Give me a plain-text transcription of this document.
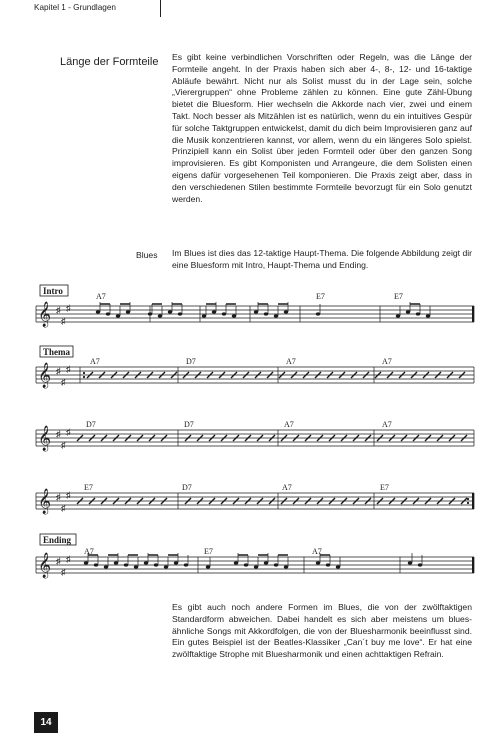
Kapitel 1 - Grundlagen
Länge der Formteile Es gibt keine verbindlichen Vorschriften oder Regeln, was die Länge der Formteile angeht. In der Praxis haben sich aber 4-, 8-, 12- und 16-taktige Abläufe bewährt. Nicht nur als Solist musst du in der Lage sein, solche „Vierergruppen“ ohne Probleme zählen zu können. Eine gute Zähl-Übung bietet die Bluesform. Hier wechseln die Akkorde nach vier, zwei und einem Takt. Noch besser als Mitzählen ist es natürlich, wenn du ein intuitives Gespür für solche Taktgruppen entwickelst, damit du dich beim Improvisieren ganz auf die Musik konzentrieren kannst, vor allem, wenn du ein längeres Solo spielst. Prinzipiell kann ein Solist über jeden Formteil oder über den ganzen Song improvisieren. Es gibt Komponisten und Arrangeure, die dem Solisten einen eigens dafür vorgesehenen Teil komponieren. Die Praxis zeigt aber, dass in den verschiedenen Stilen bestimmte Formteile bevorzugt für ein Solo genutzt werden.

Blues Im Blues ist dies das 12-taktige Haupt-Thema. Die folgende Abbildung zeigt dir eine Bluesform mit Intro, Haupt-Thema und Ending.

𝄞 ♯
♯
♯
𝄞 ♯
♯
♯
𝄞 ♯
♯
♯
𝄞 ♯
♯
♯
𝄞 ♯
♯
♯
Intro
Thema
Ending
A7	E7	E7
A7	D7	A7	A7
D7	D7	A7	A7
E7	D7	A7	E7
A7	E7	A7

Es gibt auch noch andere Formen im Blues, die von der zwölftaktigen Standardform abweichen. Dabei handelt es sich aber meistens um blues-ähnliche Songs mit Akkordfolgen, die von der Bluesharmonik beeinflusst sind. Ein gutes Beispiel ist der Beatles-Klassiker „Can´t buy me love“. Er hat eine zwölftaktige Strophe mit Bluesharmonik und einen achttaktigen Refrain.

14
